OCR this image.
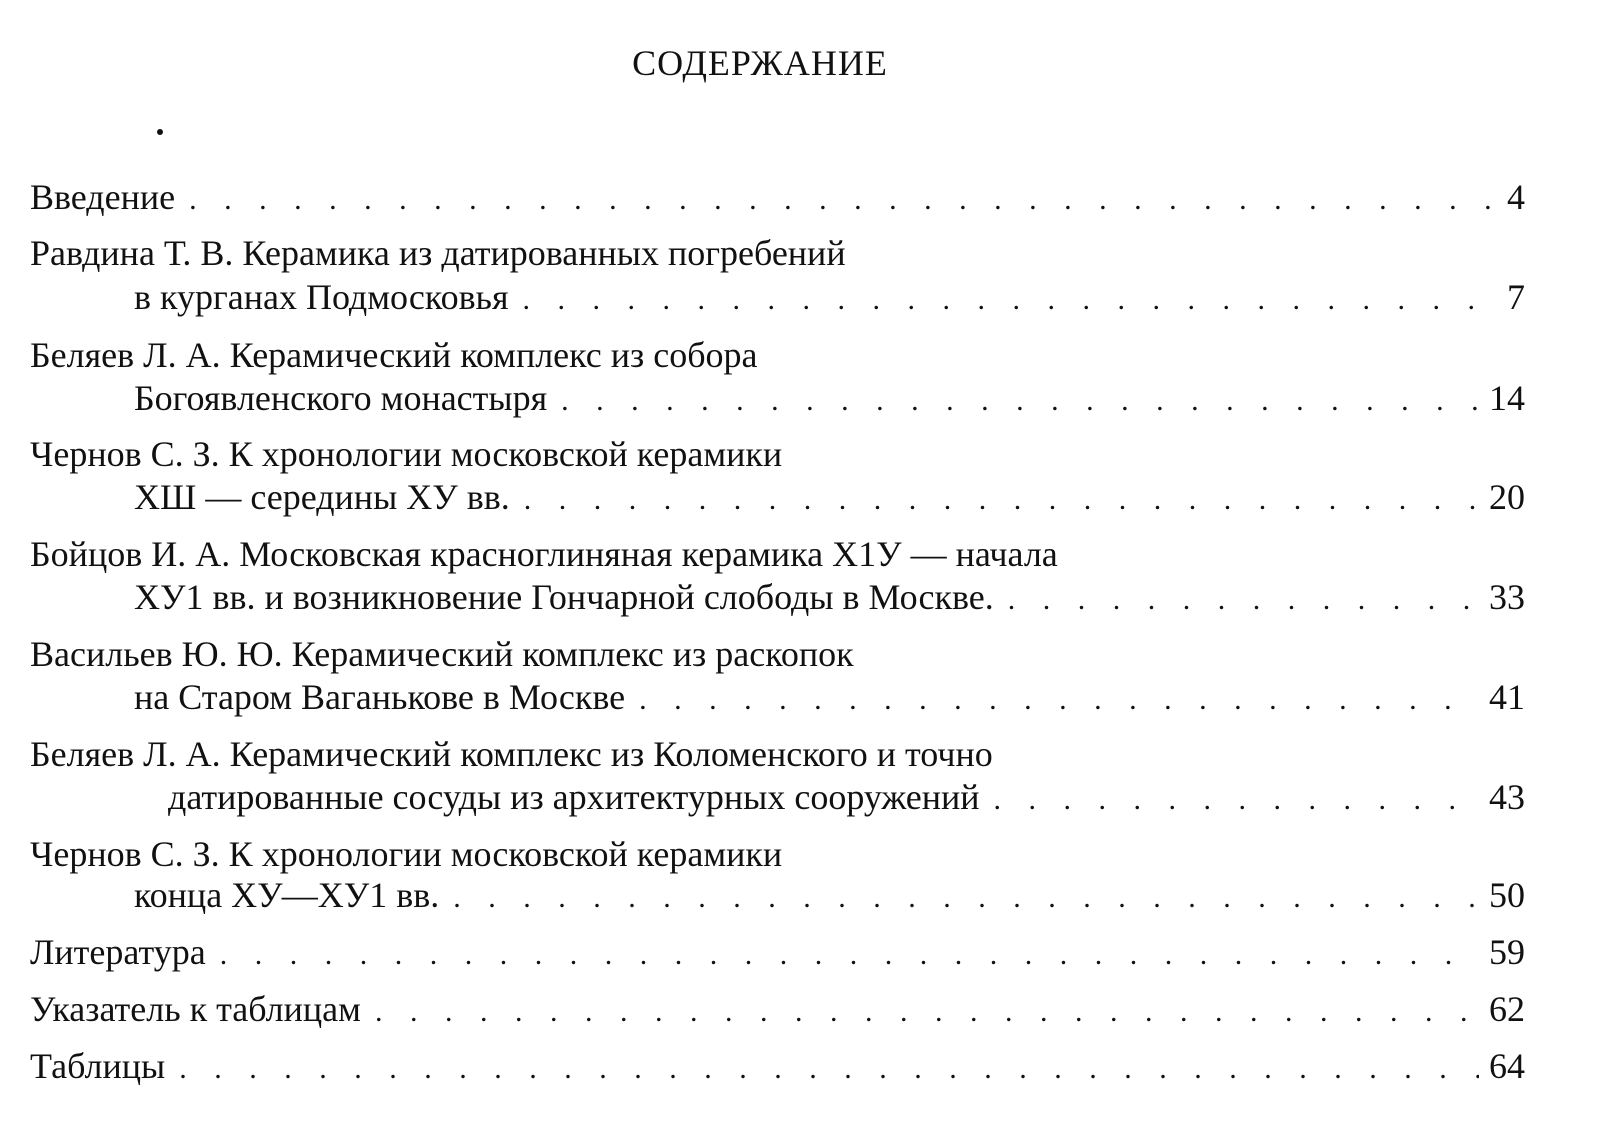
СОДЕРЖАНИЕ
Введение . . .	4
Равдина Т. В. Керамика из датированных погребений
в курганах Подмосковья . . .	7
Беляев Л. А. Керамический комплекс из собора
Богоявленского монастыря . . .	14
Чернов С. З. К хронологии московской керамики
ХШ — середины ХУ вв. . . .	20
Бойцов И. А. Московская красноглиняная керамика Х1У — начала
ХУ1 вв. и возникновение Гончарной слободы в Москве. . . .	33
Васильев Ю. Ю. Керамический комплекс из раскопок
на Старом Ваганькове в Москве . . .	41
Беляев Л. А. Керамический комплекс из Коломенского и точно
датированные сосуды из архитектурных сооружений . . .	43
Чернов С. З. К хронологии московской керамики
конца ХУ—ХУ1 вв. . . .	50
Литература . . .	59
Указатель к таблицам . . .	62
Таблицы . . .	64
